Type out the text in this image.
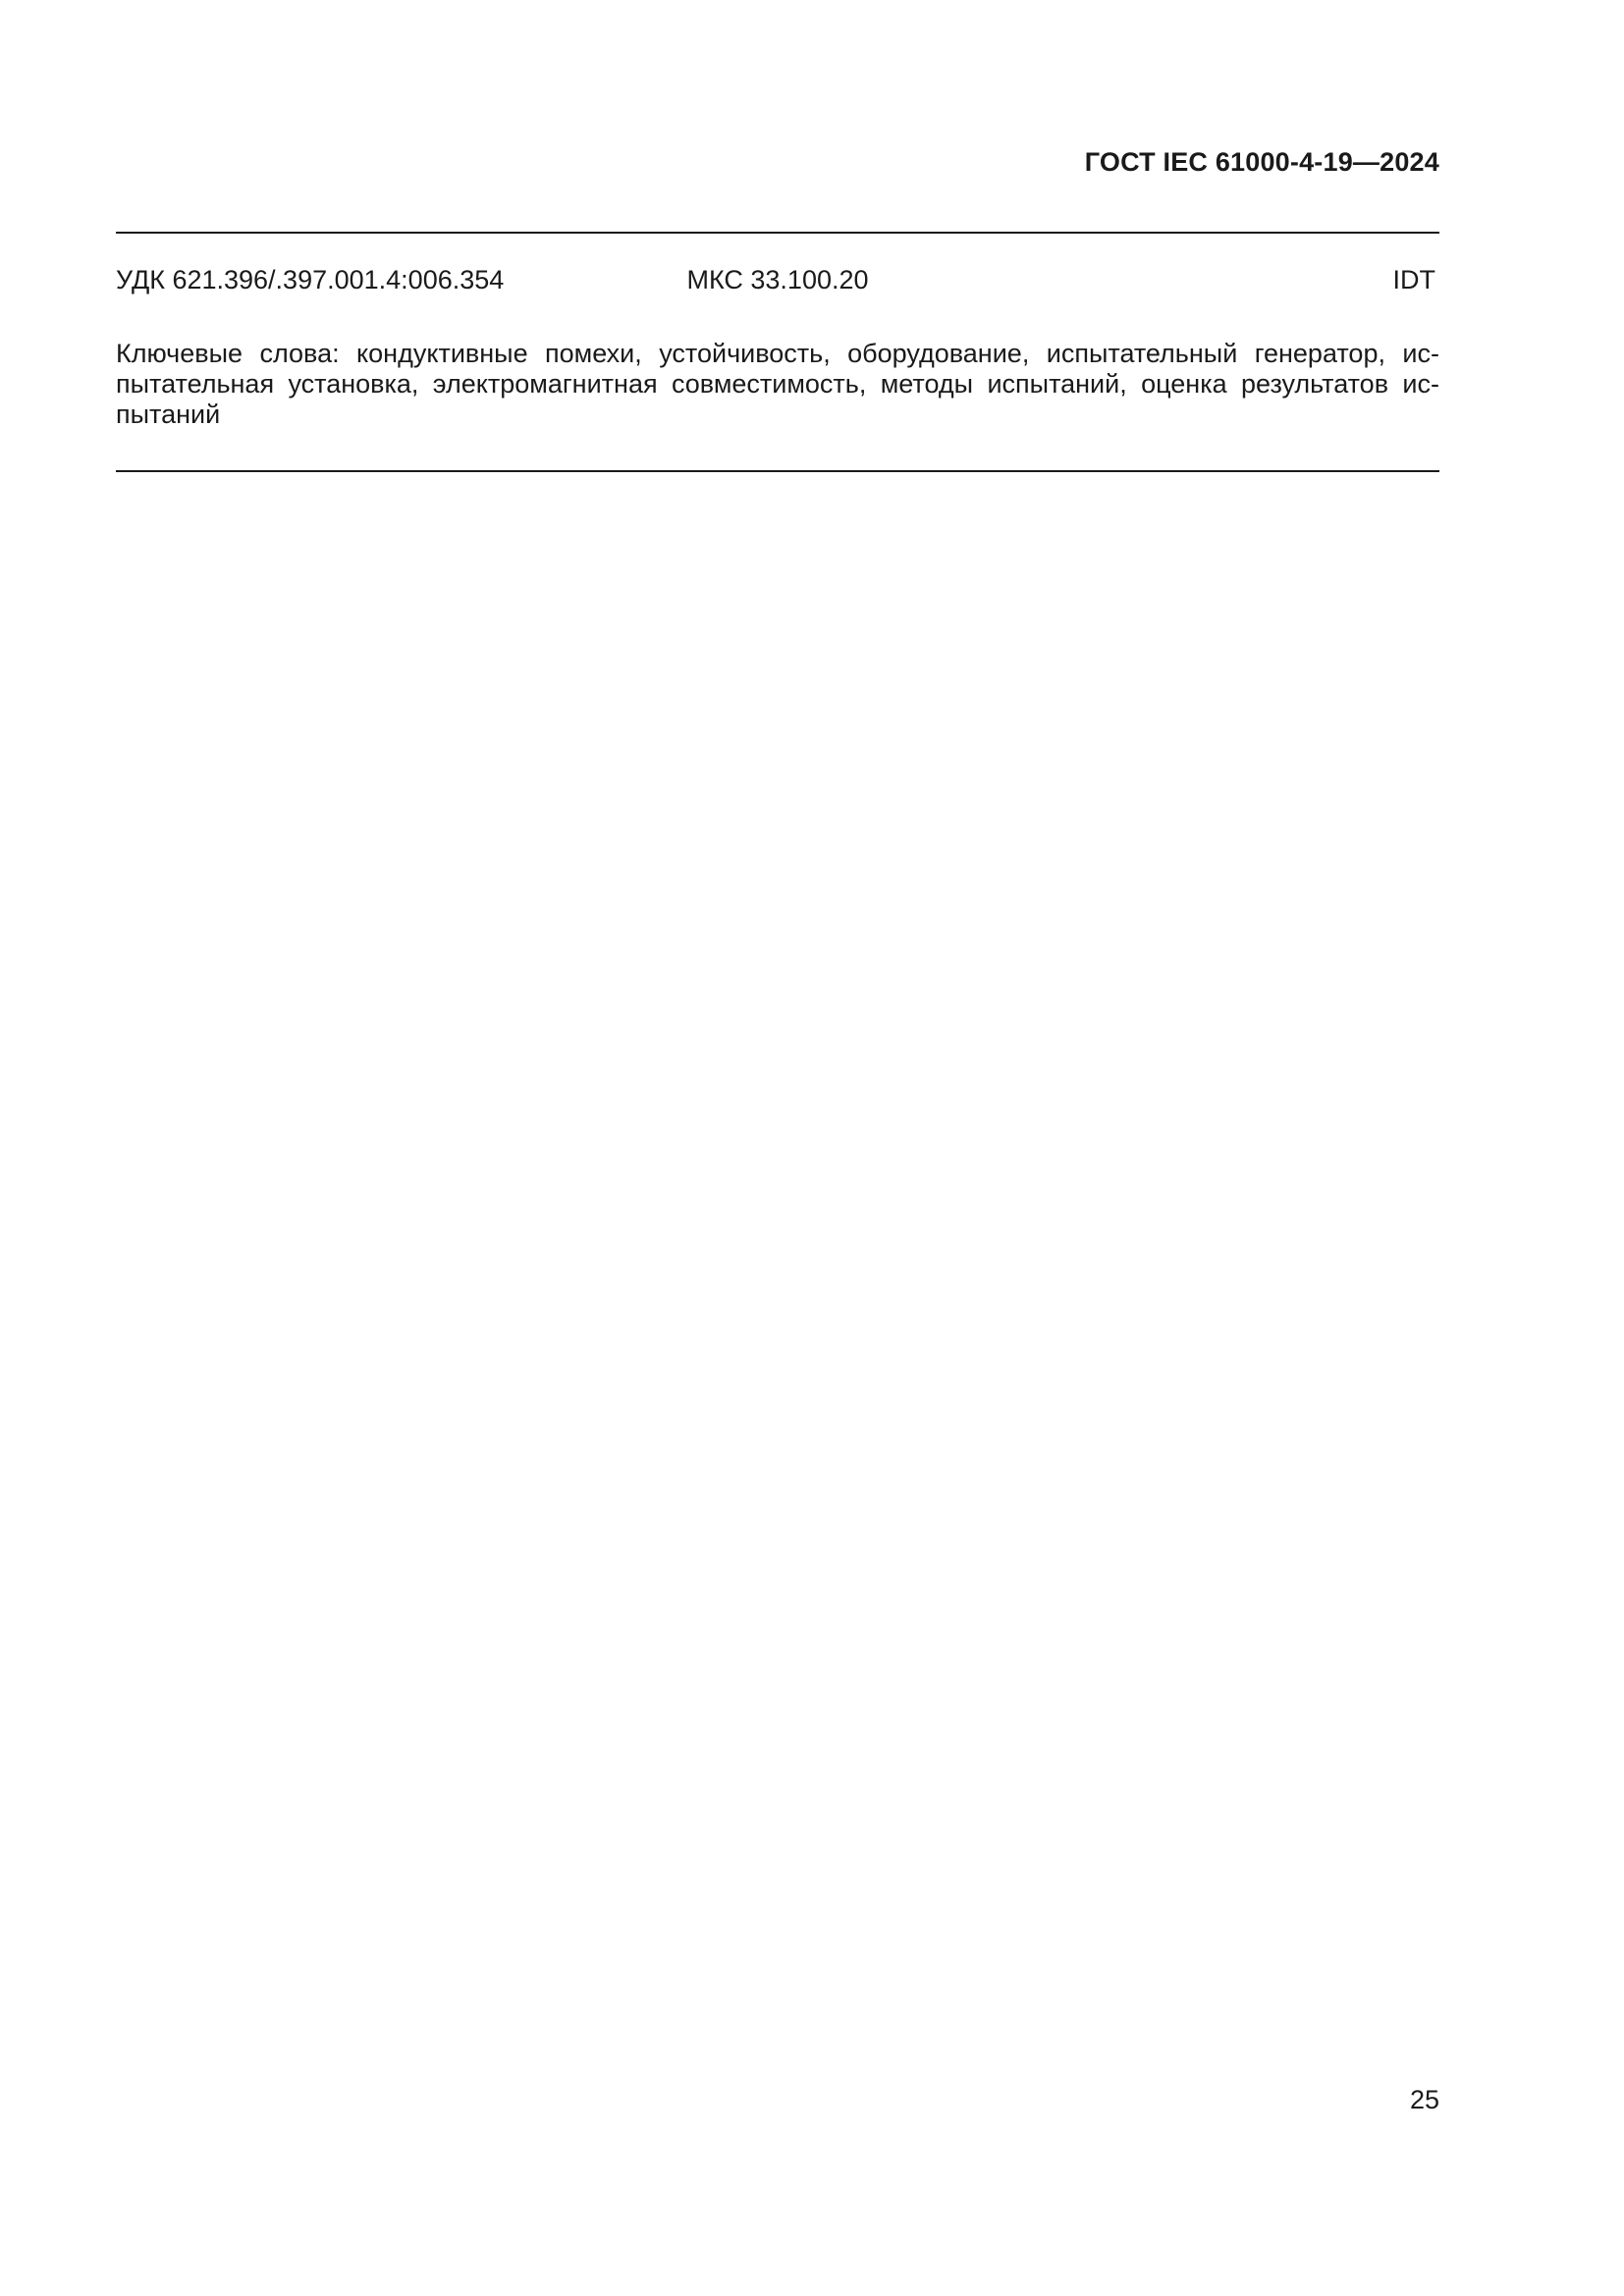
ГОСТ IEC 61000-4-19—2024
УДК 621.396/.397.001.4:006.354	МКС 33.100.20	IDT
Ключевые слова: кондуктивные помехи, устойчивость, оборудование, испытательный генератор, ис-
пытательная установка, электромагнитная совместимость, методы испытаний, оценка результатов ис-
пытаний
25
